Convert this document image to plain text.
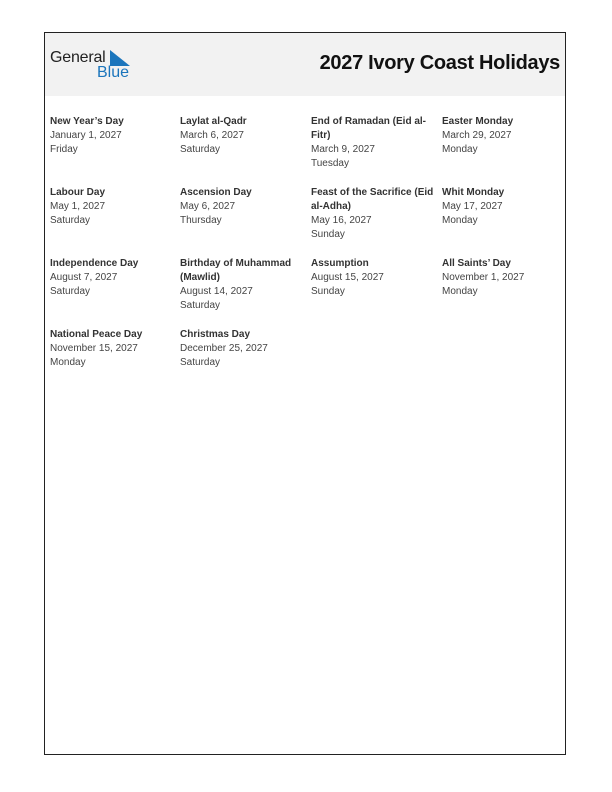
General
Blue	2027 Ivory Coast Holidays
New Year’s Day
January 1, 2027
Friday
Laylat al-Qadr
March 6, 2027
Saturday
End of Ramadan (Eid al-Fitr)
March 9, 2027
Tuesday
Easter Monday
March 29, 2027
Monday
Labour Day
May 1, 2027
Saturday
Ascension Day
May 6, 2027
Thursday
Feast of the Sacrifice (Eid al-Adha)
May 16, 2027
Sunday
Whit Monday
May 17, 2027
Monday
Independence Day
August 7, 2027
Saturday
Birthday of Muhammad (Mawlid)
August 14, 2027
Saturday
Assumption
August 15, 2027
Sunday
All Saints’ Day
November 1, 2027
Monday
National Peace Day
November 15, 2027
Monday
Christmas Day
December 25, 2027
Saturday
